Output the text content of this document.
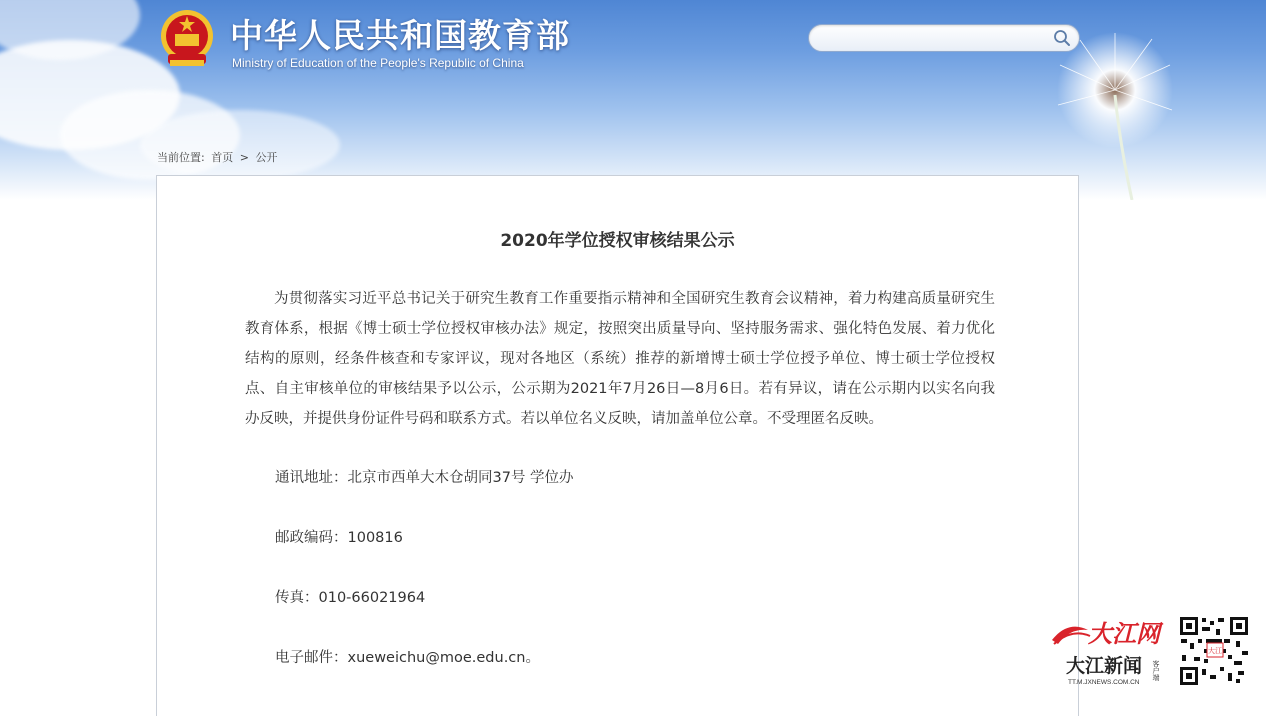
中华人民共和国教育部
Ministry of Education of the People's Republic of China
当前位置: 首页 > 公开
2020年学位授权审核结果公示

为贯彻落实习近平总书记关于研究生教育工作重要指示精神和全国研究生教育会议精神，着力构建高质量研究生教育体系，根据《博士硕士学位授权审核办法》规定，按照突出质量导向、坚持服务需求、强化特色发展、着力优化结构的原则，经条件核查和专家评议，现对各地区（系统）推荐的新增博士硕士学位授予单位、博士硕士学位授权点、自主审核单位的审核结果予以公示，公示期为2021年7月26日—8月6日。若有异议，请在公示期内以实名向我办反映，并提供身份证件号码和联系方式。若以单位名义反映，请加盖单位公章。不受理匿名反映。

通讯地址：北京市西单大木仓胡同37号 学位办
邮政编码：100816
传真：010-66021964
电子邮件：xueweichu@moe.edu.cn。
大江网
大江新闻 客户端
TT.M.JXNEWS.COM.CN
大江
